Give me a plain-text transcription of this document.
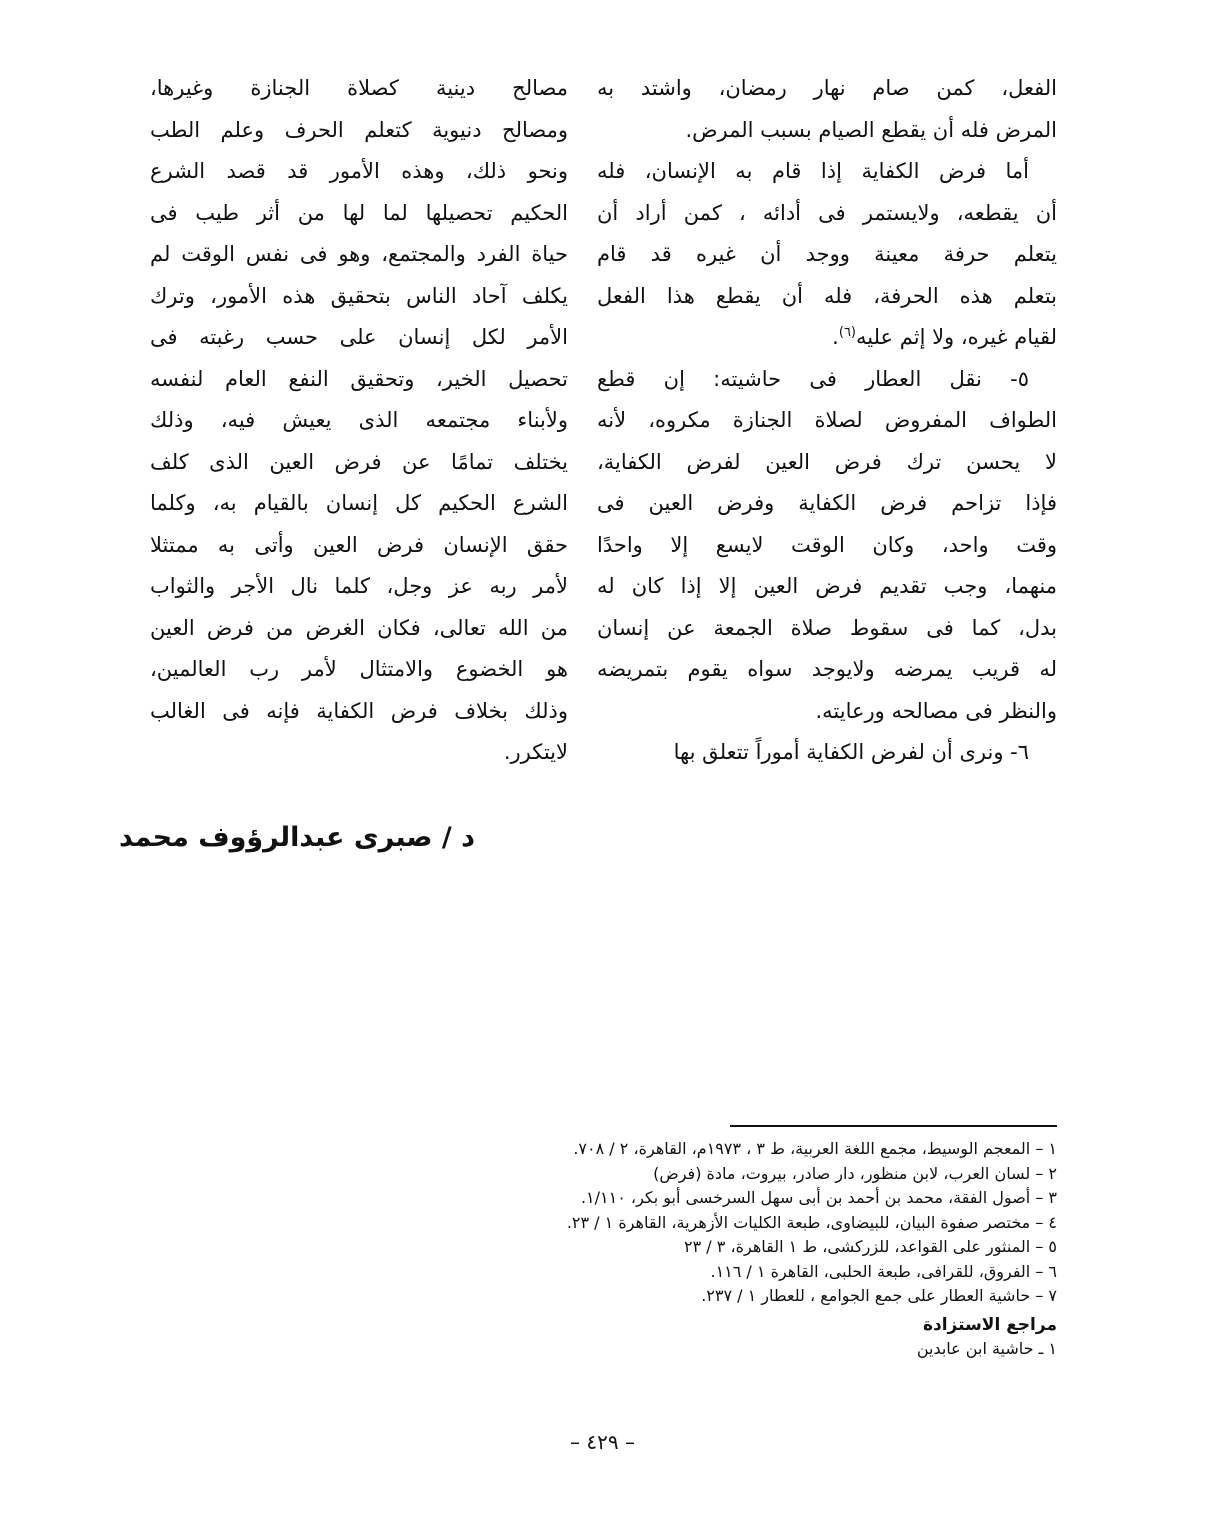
الفعل، كمن صام نهار رمضان، واشتد به
المرض فله أن يقطع الصيام بسبب المرض.
أما فرض الكفاية إذا قام به الإنسان، فله
أن يقطعه، ولايستمر فى أدائه ، كمن أراد أن
يتعلم حرفة معينة ووجد أن غيره قد قام
بتعلم هذه الحرفة، فله أن يقطع هذا الفعل
لقيام غيره، ولا إثم عليه$^{(٦)}$.
٥- نقل العطار فى حاشيته: إن قطع
الطواف المفروض لصلاة الجنازة مكروه، لأنه
لا يحسن ترك فرض العين لفرض الكفاية،
فإذا تزاحم فرض الكفاية وفرض العين فى
وقت واحد، وكان الوقت لايسع إلا واحدًا
منهما، وجب تقديم فرض العين إلا إذا كان له
بدل، كما فى سقوط صلاة الجمعة عن إنسان
له قريب يمرضه ولايوجد سواه يقوم بتمريضه
والنظر فى مصالحه ورعايته.
٦- ونرى أن لفرض الكفاية أموراً تتعلق بها
مصالح دينية كصلاة الجنازة وغيرها،
ومصالح دنيوية كتعلم الحرف وعلم الطب
ونحو ذلك، وهذه الأمور قد قصد الشرع
الحكيم تحصيلها لما لها من أثر طيب فى
حياة الفرد والمجتمع، وهو فى نفس الوقت لم
يكلف آحاد الناس بتحقيق هذه الأمور، وترك
الأمر لكل إنسان على حسب رغبته فى
تحصيل الخير، وتحقيق النفع العام لنفسه
ولأبناء مجتمعه الذى يعيش فيه، وذلك
يختلف تمامًا عن فرض العين الذى كلف
الشرع الحكيم كل إنسان بالقيام به، وكلما
حقق الإنسان فرض العين وأتى به ممتثلا
لأمر ربه عز وجل، كلما نال الأجر والثواب
من الله تعالى، فكان الغرض من فرض العين
هو الخضوع والامتثال لأمر رب العالمين،
وذلك بخلاف فرض الكفاية فإنه فى الغالب
لايتكرر.
د / صبرى عبدالرؤوف محمد
١ – المعجم الوسيط، مجمع اللغة العربية، ط ٣ ، ١٩٧٣م، القاهرة، ٢ / ٧٠٨.
٢ – لسان العرب، لابن منظور، دار صادر، بيروت، مادة (فرض)
٣ – أصول الفقة، محمد بن أحمد بن أبى سهل السرخسى أبو بكر، ١/١١٠.
٤ – مختصر صفوة البيان، للبيضاوى، طبعة الكليات الأزهرية، القاهرة ١ / ٢٣.
٥ – المنثور على القواعد، للزركشى، ط ١ القاهرة، ٣ / ٢٣
٦ – الفروق، للقرافى، طبعة الحلبى، القاهرة ١ / ١١٦.
٧ – حاشية العطار على جمع الجوامع ، للعطار ١ / ٢٣٧.
مراجع الاستزادة
١ ـ حاشية ابن عابدين
– ٤٢٩ –
